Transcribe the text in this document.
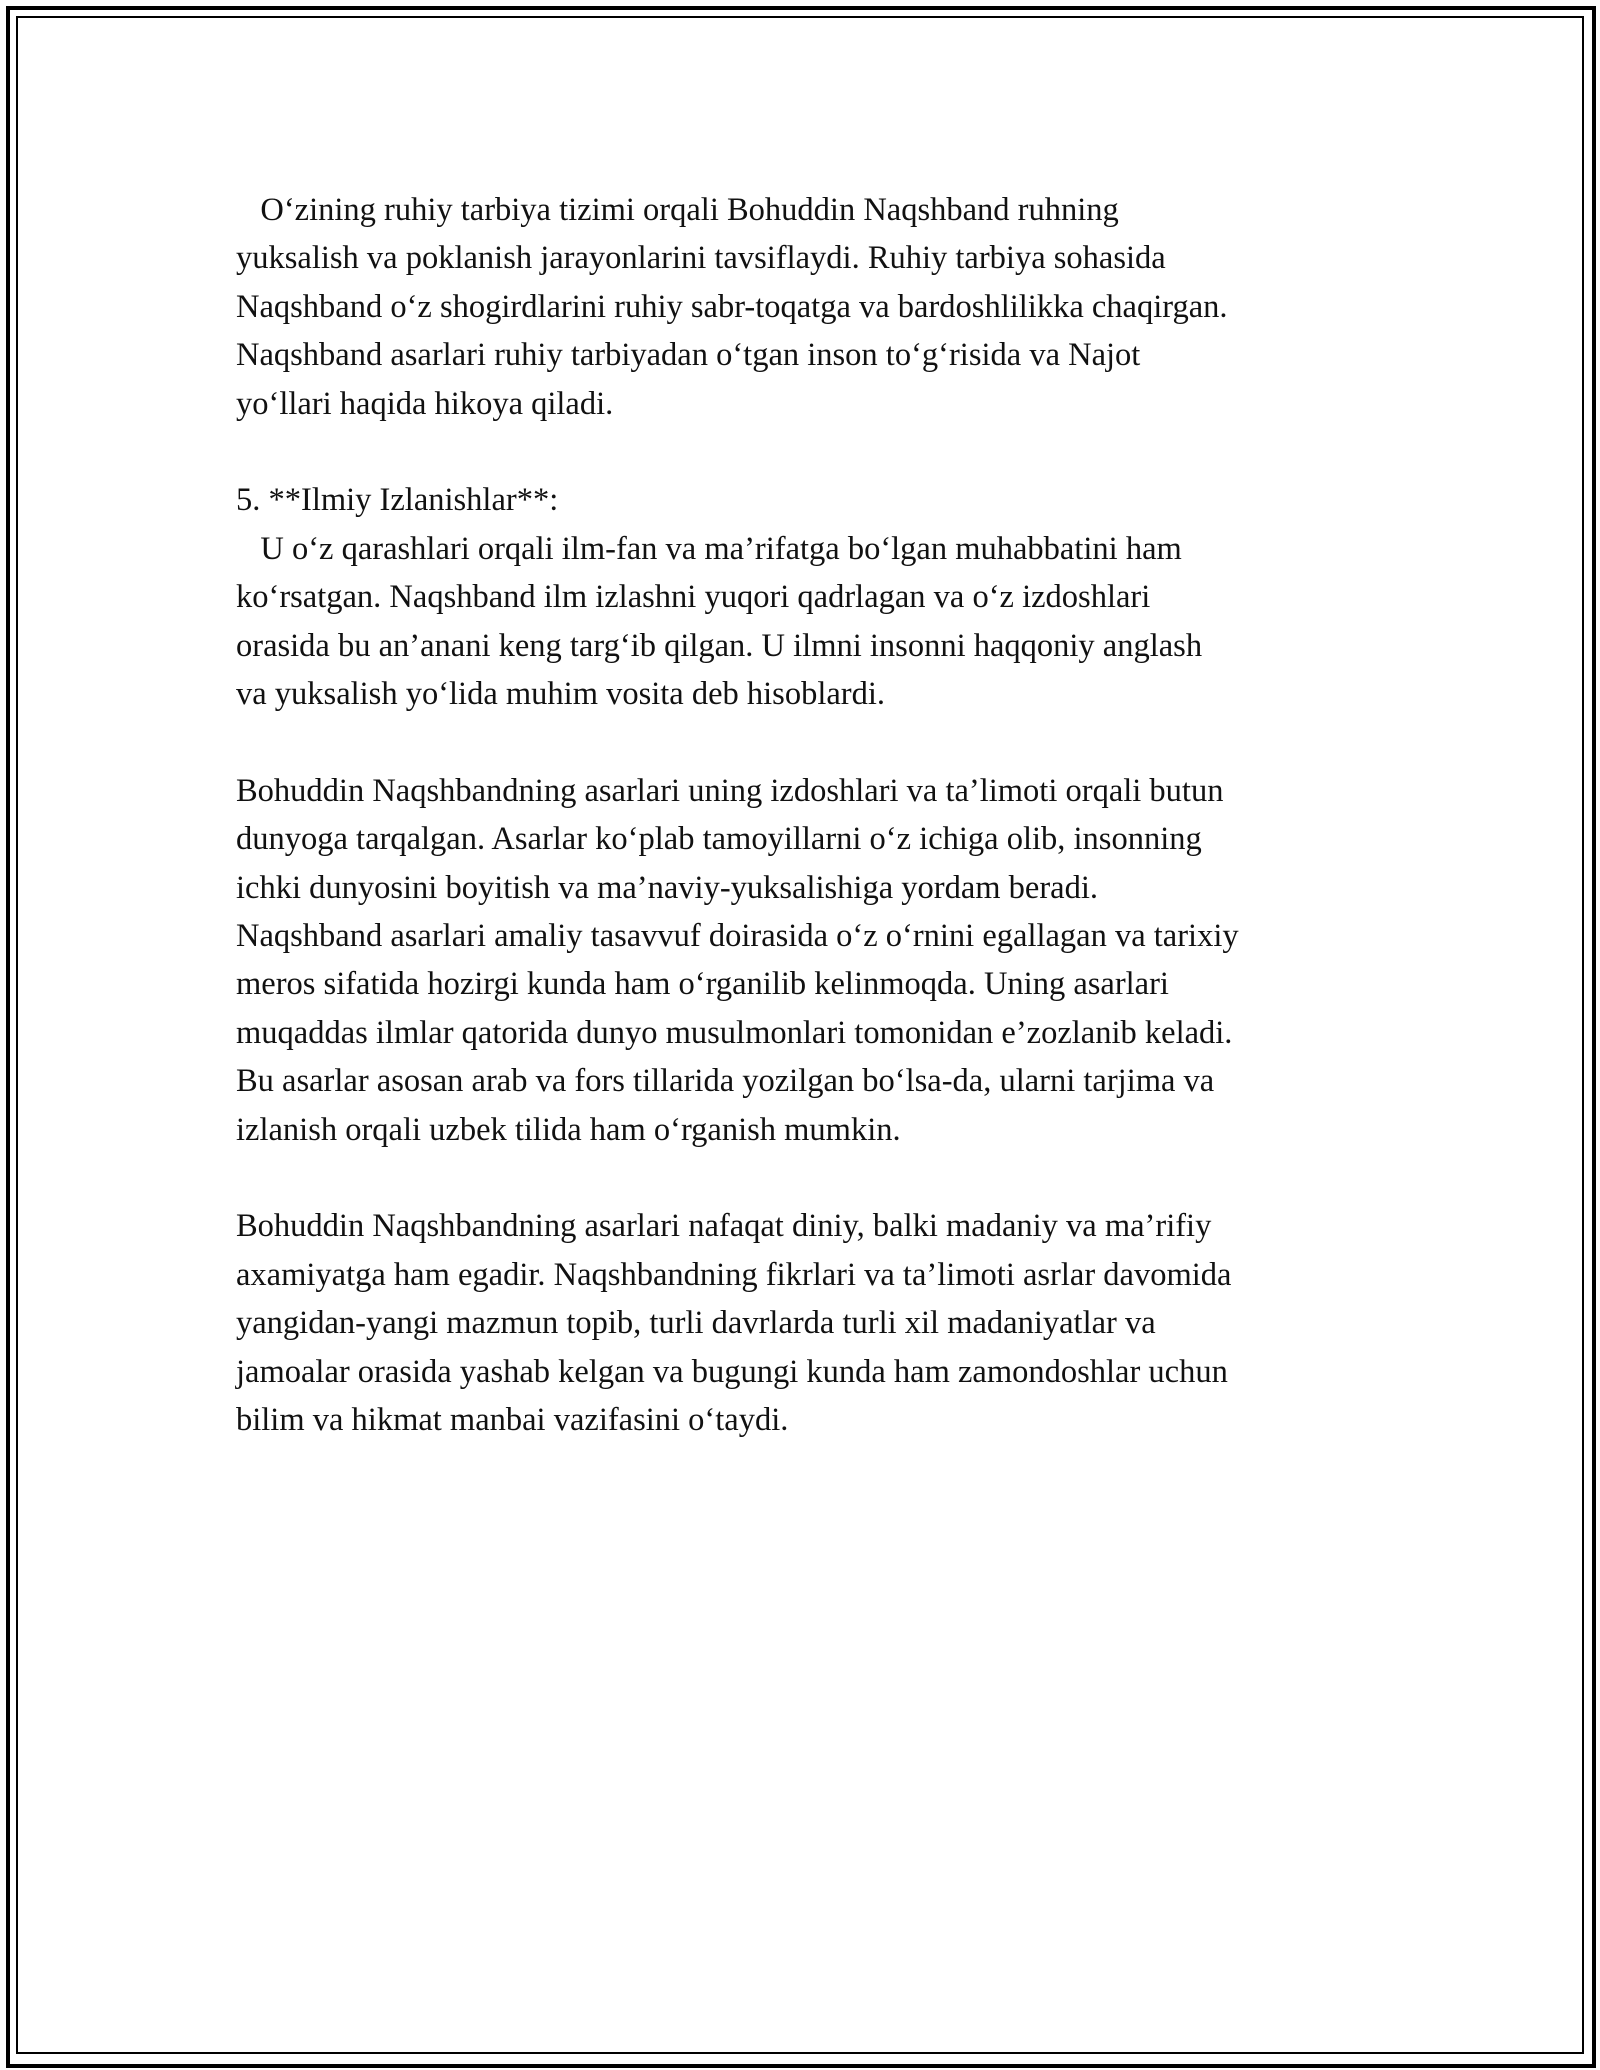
O‘zining ruhiy tarbiya tizimi orqali Bohuddin Naqshband ruhning
yuksalish va poklanish jarayonlarini tavsiflaydi. Ruhiy tarbiya sohasida
Naqshband o‘z shogirdlarini ruhiy sabr-toqatga va bardoshlilikka chaqirgan.
Naqshband asarlari ruhiy tarbiyadan o‘tgan inson to‘g‘risida va Najot
yo‘llari haqida hikoya qiladi.
5. **Ilmiy Izlanishlar**:
U o‘z qarashlari orqali ilm-fan va ma’rifatga bo‘lgan muhabbatini ham
ko‘rsatgan. Naqshband ilm izlashni yuqori qadrlagan va o‘z izdoshlari
orasida bu an’anani keng targ‘ib qilgan. U ilmni insonni haqqoniy anglash
va yuksalish yo‘lida muhim vosita deb hisoblardi.
Bohuddin Naqshbandning asarlari uning izdoshlari va ta’limoti orqali butun
dunyoga tarqalgan. Asarlar ko‘plab tamoyillarni o‘z ichiga olib, insonning
ichki dunyosini boyitish va ma’naviy-yuksalishiga yordam beradi.
Naqshband asarlari amaliy tasavvuf doirasida o‘z o‘rnini egallagan va tarixiy
meros sifatida hozirgi kunda ham o‘rganilib kelinmoqda. Uning asarlari
muqaddas ilmlar qatorida dunyo musulmonlari tomonidan e’zozlanib keladi.
Bu asarlar asosan arab va fors tillarida yozilgan bo‘lsa-da, ularni tarjima va
izlanish orqali uzbek tilida ham o‘rganish mumkin.
Bohuddin Naqshbandning asarlari nafaqat diniy, balki madaniy va ma’rifiy
axamiyatga ham egadir. Naqshbandning fikrlari va ta’limoti asrlar davomida
yangidan-yangi mazmun topib, turli davrlarda turli xil madaniyatlar va
jamoalar orasida yashab kelgan va bugungi kunda ham zamondoshlar uchun
bilim va hikmat manbai vazifasini o‘taydi.
